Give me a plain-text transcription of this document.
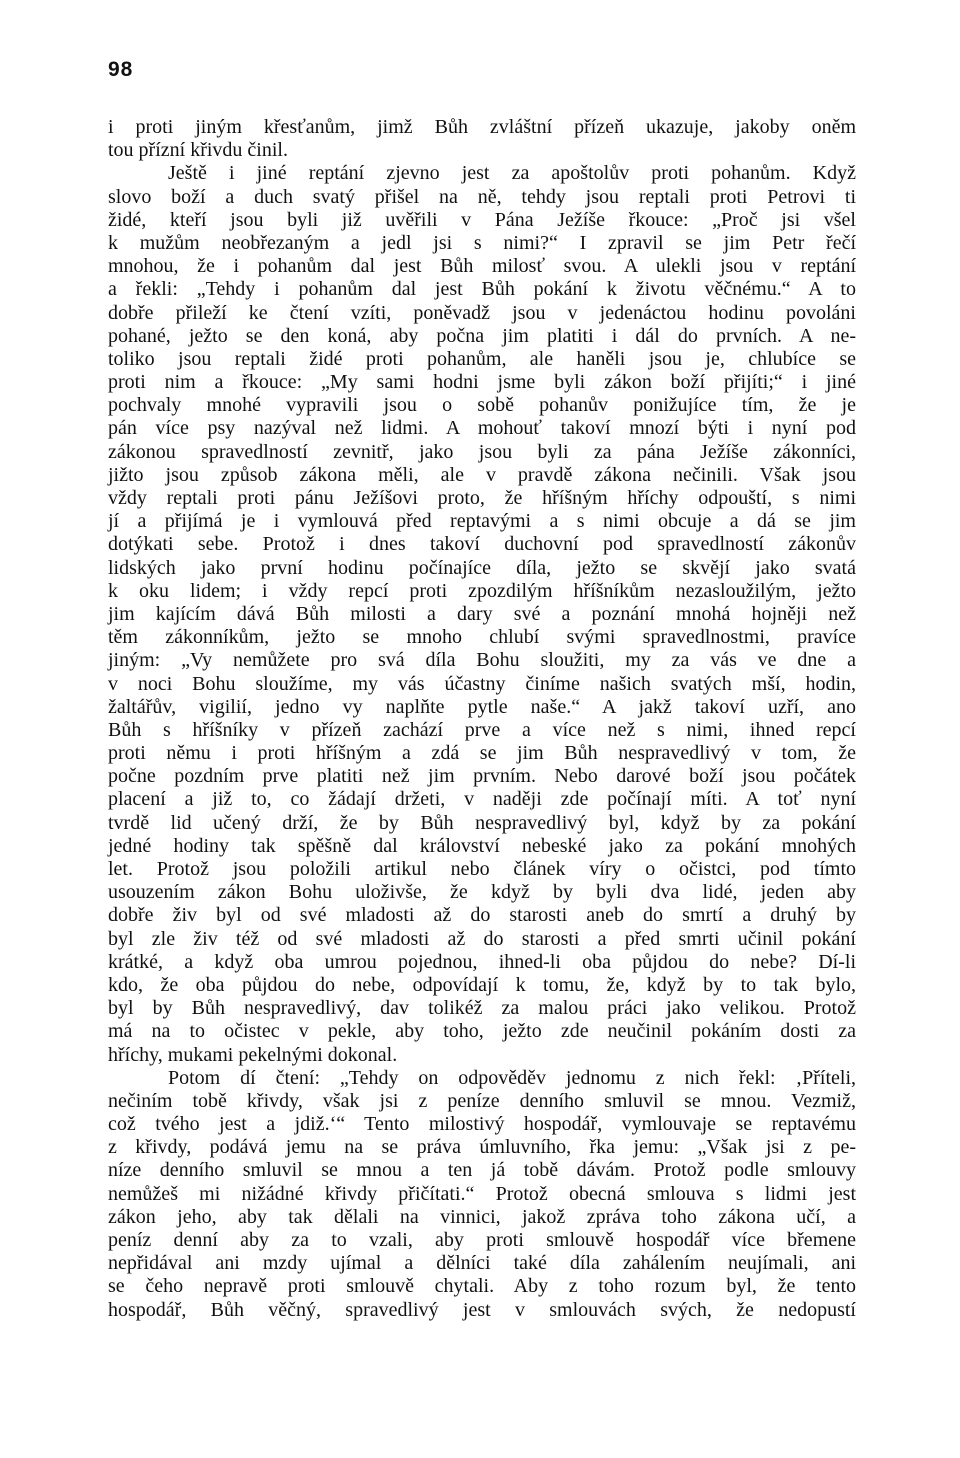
98
i proti jiným křesťanům, jimž Bůh zvláštní přízeň ukazuje, jakoby oněm
tou přízní křivdu činil.
Ještě i jiné reptání zjevno jest za apoštolův proti pohanům. Když
slovo boží a duch svatý přišel na ně, tehdy jsou reptali proti Petrovi ti
židé, kteří jsou byli již uvěřili v Pána Ježíše řkouce: „Proč jsi všel
k mužům neobřezaným a jedl jsi s nimi?“ I zpravil se jim Petr řečí
mnohou, že i pohanům dal jest Bůh milosť svou. A ulekli jsou v reptání
a řekli: „Tehdy i pohanům dal jest Bůh pokání k životu věčnému.“ A to
dobře přileží ke čtení vzíti, poněvadž jsou v jedenáctou hodinu povoláni
pohané, ježto se den koná, aby počna jim platiti i dál do prvních. A ne-
toliko jsou reptali židé proti pohanům, ale haněli jsou je, chlubíce se
proti nim a řkouce: „My sami hodni jsme byli zákon boží přijíti;“ i jiné
pochvaly mnohé vypravili jsou o sobě pohanův ponižujíce tím, že je
pán více psy nazýval než lidmi. A mohouť takoví mnozí býti i nyní pod
zákonou spravedlností zevnitř, jako jsou byli za pána Ježíše zákonníci,
jižto jsou způsob zákona měli, ale v pravdě zákona nečinili. Však jsou
vždy reptali proti pánu Ježíšovi proto, že hříšným hříchy odpouští, s nimi
jí a přijímá je i vymlouvá před reptavými a s nimi obcuje a dá se jim
dotýkati sebe. Protož i dnes takoví duchovní pod spravedlností zákonův
lidských jako první hodinu počínajíce díla, ježto se skvějí jako svatá
k oku lidem; i vždy repcí proti zpozdilým hříšníkům nezasloužilým, ježto
jim kajícím dává Bůh milosti a dary své a poznání mnohá hojněji než
těm zákonníkům, ježto se mnoho chlubí svými spravedlnostmi, pravíce
jiným: „Vy nemůžete pro svá díla Bohu sloužiti, my za vás ve dne a
v noci Bohu sloužíme, my vás účastny činíme našich svatých mší, hodin,
žaltářův, vigilií, jedno vy naplňte pytle naše.“ A jakž takoví uzří, ano
Bůh s hříšníky v přízeň zachází prve a více než s nimi, ihned repcí
proti němu i proti hříšným a zdá se jim Bůh nespravedlivý v tom, že
počne pozdním prve platiti než jim prvním. Nebo darové boží jsou počátek
placení a již to, co žádají držeti, v naději zde počínají míti. A toť nyní
tvrdě lid učený drží, že by Bůh nespravedlivý byl, když by za pokání
jedné hodiny tak spěšně dal království nebeské jako za pokání mnohých
let. Protož jsou položili artikul nebo článek víry o očistci, pod tímto
usouzením zákon Bohu uloživše, že když by byli dva lidé, jeden aby
dobře živ byl od své mladosti až do starosti aneb do smrtí a druhý by
byl zle živ též od své mladosti až do starosti a před smrti učinil pokání
krátké, a když oba umrou pojednou, ihned-li oba půjdou do nebe? Dí-li
kdo, že oba půjdou do nebe, odpovídají k tomu, že, když by to tak bylo,
byl by Bůh nespravedlivý, dav tolikéž za malou práci jako velikou. Protož
má na to očistec v pekle, aby toho, ježto zde neučinil pokáním dosti za
hříchy, mukami pekelnými dokonal.
Potom dí čtení: „Tehdy on odpověděv jednomu z nich řekl: ‚Příteli,
nečiním tobě křivdy, však jsi z peníze denního smluvil se mnou. Vezmiž,
což tvého jest a jdiž.‘“ Tento milostivý hospodář, vymlouvaje se reptavému
z křivdy, podává jemu na se práva úmluvního, řka jemu: „Však jsi z pe-
níze denního smluvil se mnou a ten já tobě dávám. Protož podle smlouvy
nemůžeš mi nižádné křivdy přičítati.“ Protož obecná smlouva s lidmi jest
zákon jeho, aby tak dělali na vinnici, jakož zpráva toho zákona učí, a
peníz denní aby za to vzali, aby proti smlouvě hospodář více břemene
nepřidával ani mzdy ujímal a dělníci také díla zahálením neujímali, ani
se čeho nepravě proti smlouvě chytali. Aby z toho rozum byl, že tento
hospodář, Bůh věčný, spravedlivý jest v smlouvách svých, že nedopustí
